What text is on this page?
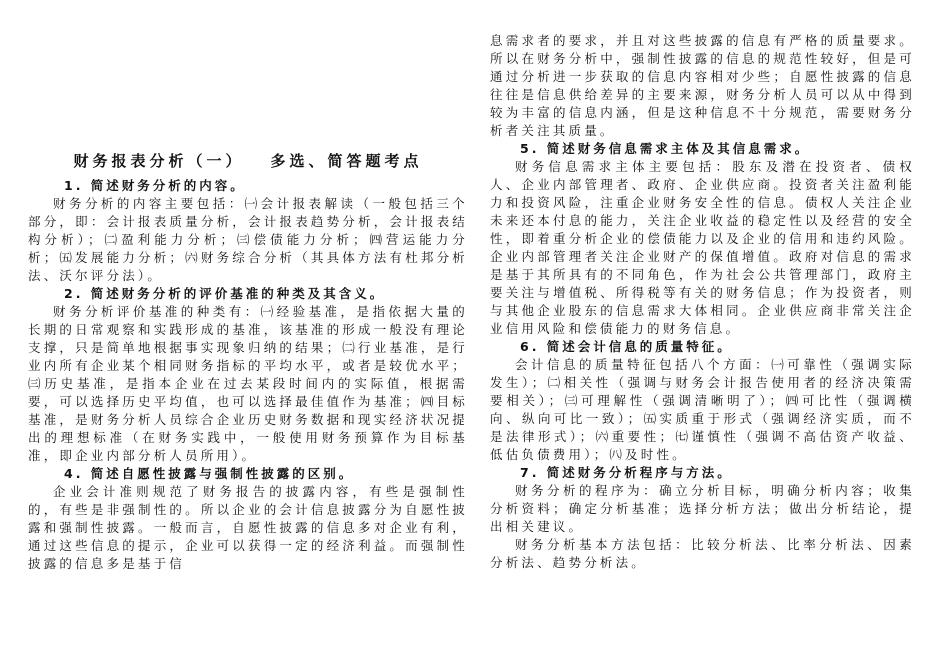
财务报表分析（一） 多选、简答题考点
1. 简述财务分析的内容。

财务分析的内容主要包括：㈠会计报表解读（一般包括三个部分，即：会计报表质量分析，会计报表趋势分析，会计报表结构分析）；㈡盈利能力分析；㈢偿债能力分析；㈣营运能力分析；㈤发展能力分析；㈥财务综合分析（其具体方法有杜邦分析法、沃尔评分法）。

2. 简述财务分析的评价基准的种类及其含义。

财务分析评价基准的种类有：㈠经验基准，是指依据大量的长期的日常观察和实践形成的基准，该基准的形成一般没有理论支撑，只是简单地根据事实现象归纳的结果；㈡行业基准，是行业内所有企业某个相同财务指标的平均水平，或者是较优水平；㈢历史基准，是指本企业在过去某段时间内的实际值，根据需要，可以选择历史平均值，也可以选择最佳值作为基准；㈣目标基准，是财务分析人员综合企业历史财务数据和现实经济状况提出的理想标准（在财务实践中，一般使用财务预算作为目标基准，即企业内部分析人员所用）。

4. 简述自愿性披露与强制性披露的区别。

企业会计准则规范了财务报告的披露内容，有些是强制性的，有些是非强制性的。所以企业的会计信息披露分为自愿性披露和强制性披露。一般而言，自愿性披露的信息多对企业有利，通过这些信息的提示，企业可以获得一定的经济利益。而强制性披露的信息多是基于信

息需求者的要求，并且对这些披露的信息有严格的质量要求。所以在财务分析中，强制性披露的信息的规范性较好，但是可通过分析进一步获取的信息内容相对少些；自愿性披露的信息往往是信息供给差异的主要来源，财务分析人员可以从中得到较为丰富的信息内涵，但是这种信息不十分规范，需要财务分析者关注其质量。

5. 简述财务信息需求主体及其信息需求。

财务信息需求主体主要包括：股东及潜在投资者、债权人、企业内部管理者、政府、企业供应商。投资者关注盈利能力和投资风险，注重企业财务安全性的信息。债权人关注企业未来还本付息的能力，关注企业收益的稳定性以及经营的安全性，即着重分析企业的偿债能力以及企业的信用和违约风险。企业内部管理者关注企业财产的保值增值。政府对信息的需求是基于其所具有的不同角色，作为社会公共管理部门，政府主要关注与增值税、所得税等有关的财务信息；作为投资者，则与其他企业股东的信息需求大体相同。企业供应商非常关注企业信用风险和偿债能力的财务信息。

6. 简述会计信息的质量特征。

会计信息的质量特征包括八个方面：㈠可靠性（强调实际发生）；㈡相关性（强调与财务会计报告使用者的经济决策需要相关）；㈢可理解性（强调清晰明了）；㈣可比性（强调横向、纵向可比一致）；㈤实质重于形式（强调经济实质，而不是法律形式）；㈥重要性；㈦谨慎性（强调不高估资产收益、低估负债费用）；㈧及时性。

7. 简述财务分析程序与方法。

财务分析的程序为：确立分析目标，明确分析内容；收集分析资料；确定分析基准；选择分析方法；做出分析结论，提出相关建议。

财务分析基本方法包括：比较分析法、比率分析法、因素分析法、趋势分析法。
